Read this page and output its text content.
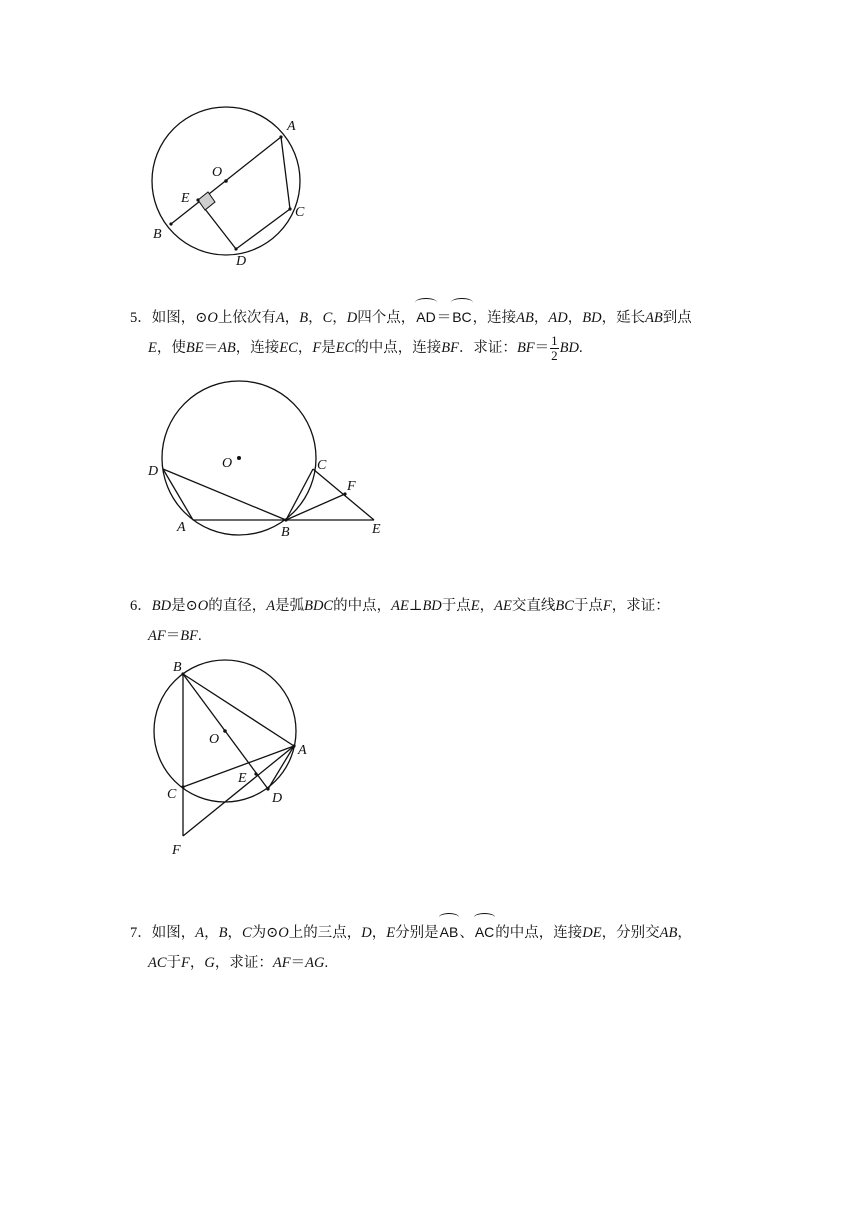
A
O
E
B
C
D

5．如图，⊙O上依次有A，B，C，D四个点，AD＝BC，连接AB，AD，BD，延长AB到点

E，使BE＝AB，连接EC，F是EC的中点，连接BF．求证：$BF= \frac{1}{2}$ BD.

O
D	C
F
A	B	E

6．BD是⊙O的直径，A是弧BDC的中点，AE⊥BD于点E，AE交直线BC于点F，求证：

AF＝BF.

B
O
A
E
C	D
F

7．如图，A，B，C为⊙O上的三点，D，E分别是AB、AC的中点，连接DE，分别交AB，

AC于F，G，求证：AF＝AG.
